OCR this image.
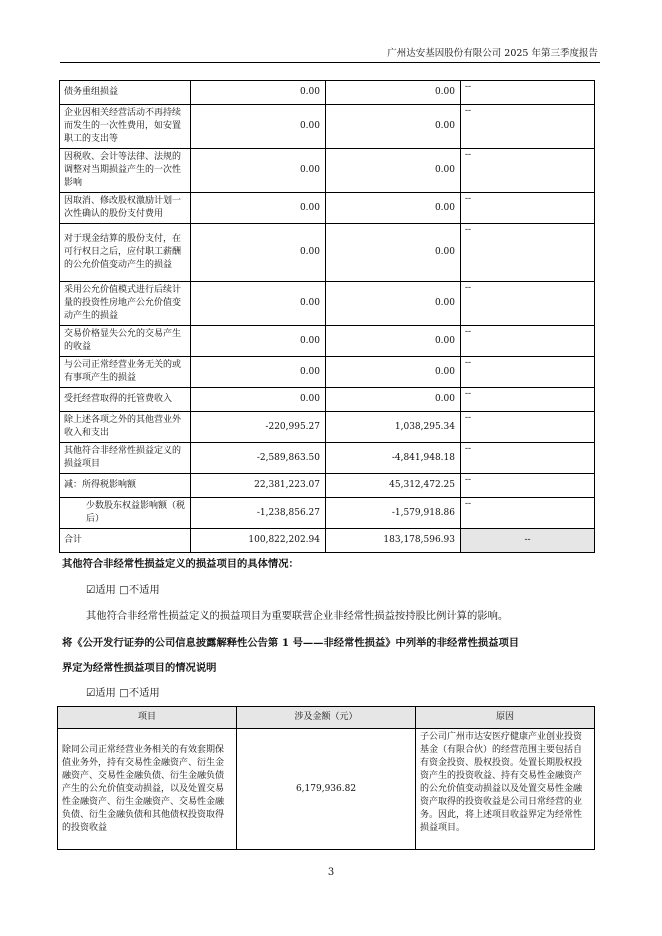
广州达安基因股份有限公司 2025 年第三季度报告
债务重组损益	0.00	0.00	--
企业因相关经营活动不再持续而发生的一次性费用，如安置职工的支出等	0.00	0.00	--
因税收、会计等法律、法规的调整对当期损益产生的一次性影响	0.00	0.00	--
因取消、修改股权激励计划一次性确认的股份支付费用	0.00	0.00	--
对于现金结算的股份支付，在可行权日之后，应付职工薪酬的公允价值变动产生的损益	0.00	0.00	--
采用公允价值模式进行后续计量的投资性房地产公允价值变动产生的损益	0.00	0.00	--
交易价格显失公允的交易产生的收益	0.00	0.00	--
与公司正常经营业务无关的或有事项产生的损益	0.00	0.00	--
受托经营取得的托管费收入	0.00	0.00	--
除上述各项之外的其他营业外收入和支出	-220,995.27	1,038,295.34	--
其他符合非经常性损益定义的损益项目	-2,589,863.50	-4,841,948.18	--
减：所得税影响额	22,381,223.07	45,312,472.25	--
少数股东权益影响额（税后）	-1,238,856.27	-1,579,918.86	--
合计	100,822,202.94	183,178,596.93	--
其他符合非经常性损益定义的损益项目的具体情况：
☑适用 □不适用
其他符合非经常性损益定义的损益项目为重要联营企业非经常性损益按持股比例计算的影响。
将《公开发行证券的公司信息披露解释性公告第 1 号——非经常性损益》中列举的非经常性损益项目
界定为经常性损益项目的情况说明
☑适用 □不适用
项目	涉及金额（元）	原因
除同公司正常经营业务相关的有效套期保值业务外，持有交易性金融资产、衍生金融资产、交易性金融负债、衍生金融负债产生的公允价值变动损益，以及处置交易性金融资产、衍生金融资产、交易性金融负债、衍生金融负债和其他债权投资取得的投资收益	6,179,936.82	子公司广州市达安医疗健康产业创业投资基金（有限合伙）的经营范围主要包括自有资金投资、股权投资。处置长期股权投资产生的投资收益、持有交易性金融资产的公允价值变动损益以及处置交易性金融资产取得的投资收益是公司日常经营的业务。因此，将上述项目收益界定为经常性损益项目。
3
